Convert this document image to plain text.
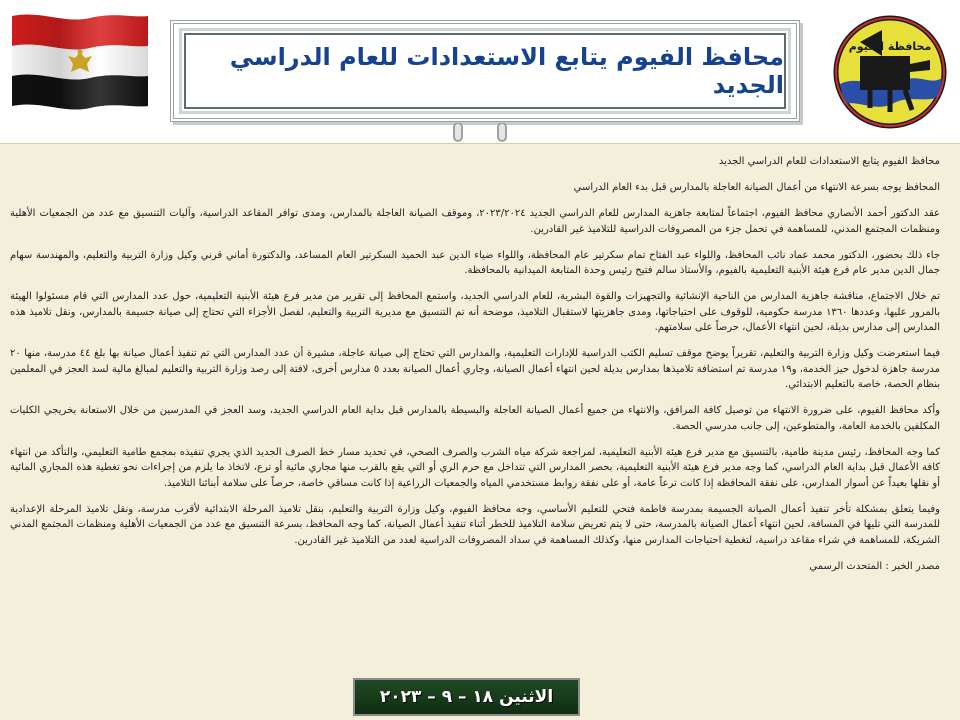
محافظ الفيوم يتابع الاستعدادات للعام الدراسي الجديد
محافظة الفيوم

محافظ الفيوم يتابع الاستعدادات للعام الدراسي الجديد

المحافظ يوجه بسرعة الانتهاء من أعمال الصيانة العاجلة بالمدارس قبل بدء العام الدراسي

عقد الدكتور أحمد الأنصاري محافظ الفيوم، اجتماعاً لمتابعة جاهزية المدارس للعام الدراسي الجديد ٢٠٢٣/٢٠٢٤، وموقف الصيانة العاجلة بالمدارس، ومدى توافر المقاعد الدراسية، وآليات التنسيق مع عدد من الجمعيات الأهلية ومنظمات المجتمع المدني، للمساهمة في تحمل جزء من المصروفات الدراسية للتلاميذ غير القادرين.

جاء ذلك بحضور، الدكتور محمد عماد نائب المحافظ، واللواء عبد الفتاح تمام سكرتير عام المحافظة، واللواء ضياء الدين عبد الحميد السكرتير العام المساعد، والدكتورة أماني قرني وكيل وزارة التربية والتعليم، والمهندسة سهام جمال الدين مدير عام فرع هيئة الأبنية التعليمية بالفيوم، والأستاذ سالم فتيح رئيس وحدة المتابعة الميدانية بالمحافظة.

تم خلال الاجتماع، مناقشة جاهزية المدارس من الناحية الإنشائية والتجهيزات والقوة البشرية، للعام الدراسي الجديد، واستمع المحافظ إلى تقرير من مدير فرع هيئة الأبنية التعليمية، حول عدد المدارس التي قام مسئولوا الهيئة بالمرور عليها، وعددها ١٣٦٠ مدرسة حكومية، للوقوف على احتياجاتها، ومدى جاهزيتها لاستقبال التلاميذ، موضحة أنه تم التنسيق مع مديرية التربية والتعليم، لفصل الأجزاء التي تحتاج إلى صيانة جسيمة بالمدارس، ونقل تلاميذ هذه المدارس إلى مدارس بديلة، لحين انتهاء الأعمال، حرصاً على سلامتهم.

فيما استعرضت وكيل وزارة التربية والتعليم، تقريراً يوضح موقف تسليم الكتب الدراسية للإدارات التعليمية، والمدارس التي تحتاج إلى صيانة عاجلة، مشيرة أن عدد المدارس التي تم تنفيذ أعمال صيانة بها بلغ ٤٤ مدرسة، منها ٢٠ مدرسة جاهزة لدخول حيز الخدمة، و١٩ مدرسة تم استضافة تلاميذها بمدارس بديلة لحين انتهاء أعمال الصيانة، وجاري أعمال الصيانة بعدد ٥ مدارس أخرى، لافتة إلى رصد وزارة التربية والتعليم لمبالغ مالية لسد العجز في المعلمين بنظام الحصة، خاصة بالتعليم الابتدائي.

وأكد محافظ الفيوم، على ضرورة الانتهاء من توصيل كافة المرافق، والانتهاء من جميع أعمال الصيانة العاجلة والبسيطة بالمدارس قبل بداية العام الدراسي الجديد، وسد العجز في المدرسين من خلال الاستعانة بخريجي الكليات المكلفين بالخدمة العامة، والمتطوعين، إلى جانب مدرسي الحصة.

كما وجه المحافظ، رئيس مدينة طامية، بالتنسيق مع مدير فرع هيئة الأبنية التعليمية، لمراجعة شركة مياه الشرب والصرف الصحي، في تحديد مسار خط الصرف الجديد الذي يجري تنفيذه بمجمع طامية التعليمي، والتأكد من انتهاء كافة الأعمال قبل بداية العام الدراسي، كما وجه مدير فرع هيئة الأبنية التعليمية، بحصر المدارس التي تتداخل مع حرم الري أو التي يقع بالقرب منها مجاري مائية أو ترع، لاتخاذ ما يلزم من إجراءات نحو تغطية هذه المجاري المائية أو نقلها بعيداً عن أسوار المدارس، على نفقة المحافظة إذا كانت ترعاً عامة، أو على نفقة روابط مستخدمي المياه والجمعيات الزراعية إذا كانت مساقي خاصة، حرصاً على سلامة أبنائنا التلاميذ.

وفيما يتعلق بمشكلة تأخر تنفيذ أعمال الصيانة الجسيمة بمدرسة فاطمة فتحي للتعليم الأساسي، وجه محافظ الفيوم، وكيل وزارة التربية والتعليم، بنقل تلاميذ المرحلة الابتدائية لأقرب مدرسة، ونقل تلاميذ المرحلة الإعدادية للمدرسة التي تليها في المسافة، لحين انتهاء أعمال الصيانة بالمدرسة، حتى لا يتم تعريض سلامة التلاميذ للخطر أثناء تنفيذ أعمال الصيانة، كما وجه المحافظ، بسرعة التنسيق مع عدد من الجمعيات الأهلية ومنظمات المجتمع المدني الشريكة، للمساهمة في شراء مقاعد دراسية، لتغطية احتياجات المدارس منها، وكذلك المساهمة في سداد المصروفات الدراسية لعدد من التلاميذ غير القادرين.

مصدر الخبر : المتحدث الرسمي

الاثنين ١٨ – ٩ – ٢٠٢٣
